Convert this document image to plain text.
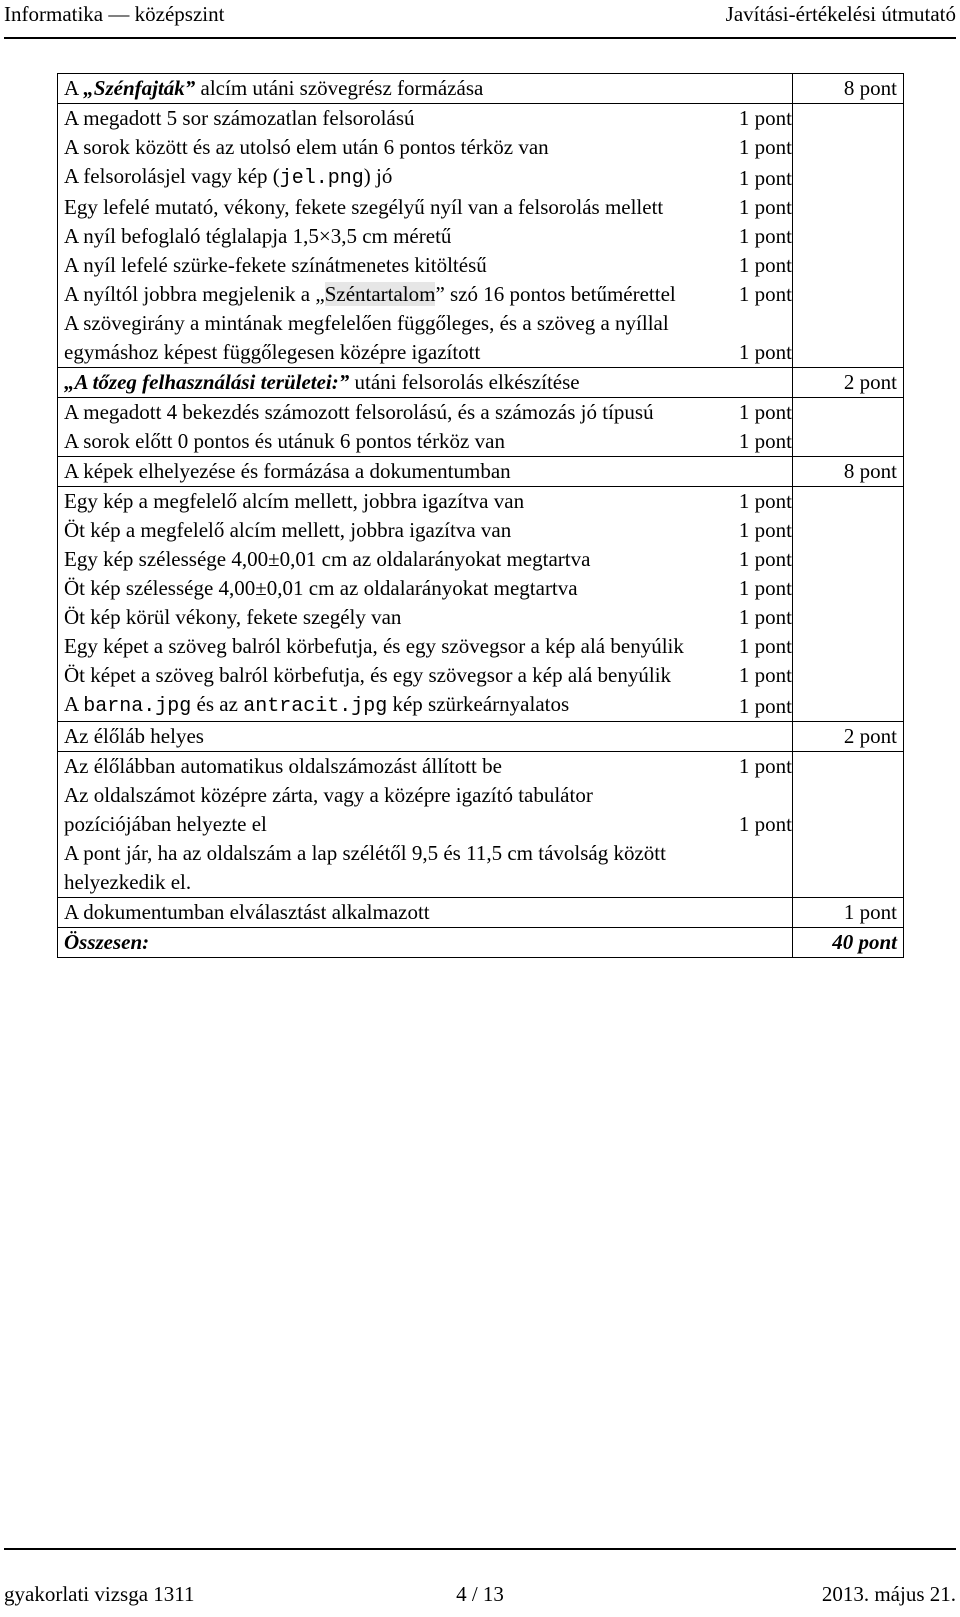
Informatika — középszint	Javítási-értékelési útmutató
A „Szénfajták” alcím utáni szövegrész formázása		8 pont
A megadott 5 sor számozatlan felsorolású	1 pont	
A sorok között és az utolsó elem után 6 pontos térköz van	1 pont	
A felsorolásjel vagy kép (jel.png) jó	1 pont	
Egy lefelé mutató, vékony, fekete szegélyű nyíl van a felsorolás mellett	1 pont	
A nyíl befoglaló téglalapja 1,5×3,5 cm méretű	1 pont	
A nyíl lefelé szürke-fekete színátmenetes kitöltésű	1 pont	
A nyíltól jobbra megjelenik a „Széntartalom” szó 16 pontos betűmérettel	1 pont	
A szövegirány a mintának megfelelően függőleges, és a szöveg a nyíllal egymáshoz képest függőlegesen középre igazított	1 pont	
„A tőzeg felhasználási területei:” utáni felsorolás elkészítése		2 pont
A megadott 4 bekezdés számozott felsorolású, és a számozás jó típusú	1 pont	
A sorok előtt 0 pontos és utánuk 6 pontos térköz van	1 pont	
A képek elhelyezése és formázása a dokumentumban		8 pont
Egy kép a megfelelő alcím mellett, jobbra igazítva van	1 pont	
Öt kép a megfelelő alcím mellett, jobbra igazítva van	1 pont	
Egy kép szélessége 4,00±0,01 cm az oldalarányokat megtartva	1 pont	
Öt kép szélessége 4,00±0,01 cm az oldalarányokat megtartva	1 pont	
Öt kép körül vékony, fekete szegély van	1 pont	
Egy képet a szöveg balról körbefutja, és egy szövegsor a kép alá benyúlik	1 pont	
Öt képet a szöveg balról körbefutja, és egy szövegsor a kép alá benyúlik	1 pont	
A barna.jpg és az antracit.jpg kép szürkeárnyalatos	1 pont	
Az élőláb helyes		2 pont
Az élőlábban automatikus oldalszámozást állított be	1 pont	
Az oldalszámot középre zárta, vagy a középre igazító tabulátor pozíciójában helyezte el	1 pont	
A pont jár, ha az oldalszám a lap szélétől 9,5 és 11,5 cm távolság között helyezkedik el.		
A dokumentumban elválasztást alkalmazott		1 pont
Összesen:		40 pont
gyakorlati vizsga 1311	4 / 13	2013. május 21.
